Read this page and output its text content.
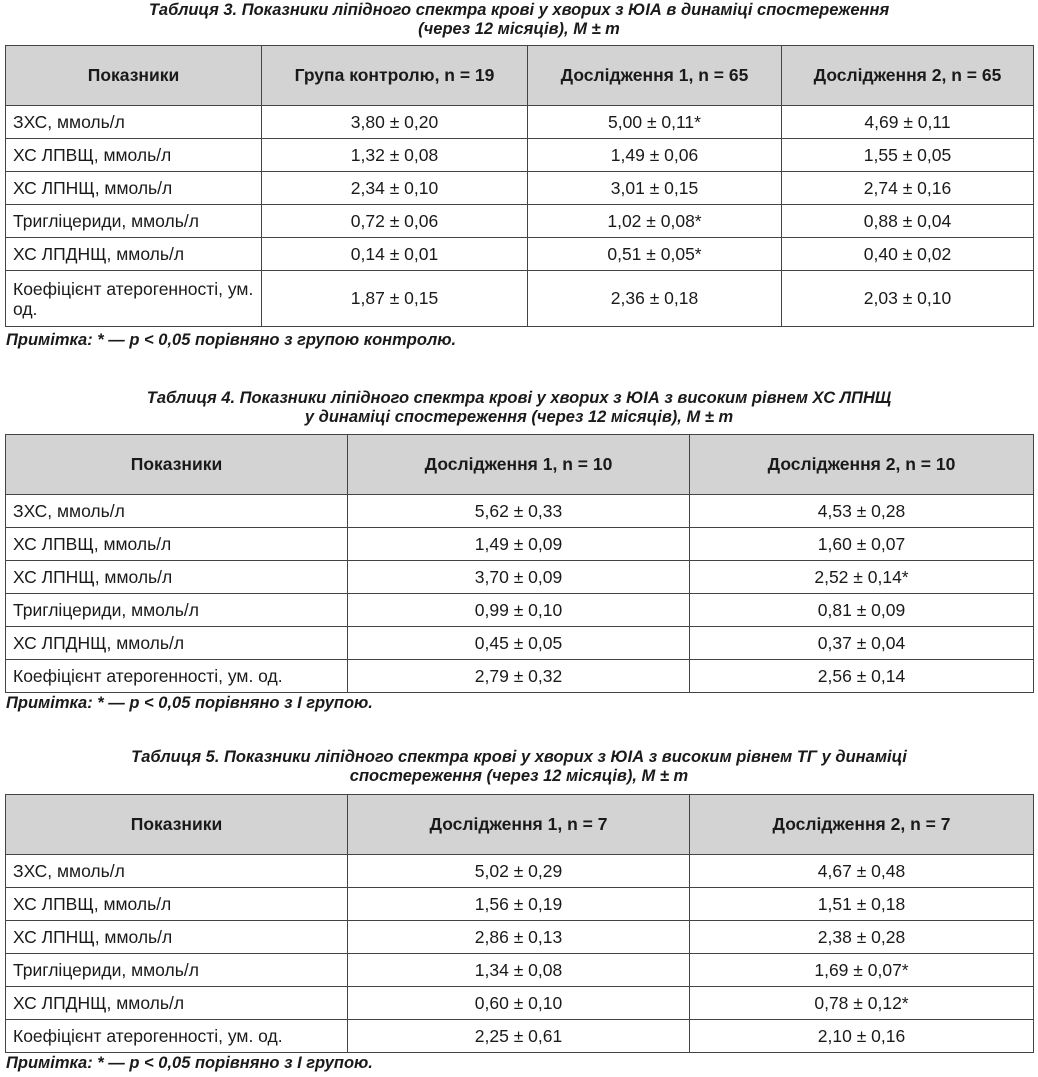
Таблиця 3. Показники ліпідного спектра крові у хворих з ЮІА в динаміці спостереження
(через 12 місяців), M ± m
Показники	Група контролю, n = 19	Дослідження 1, n = 65	Дослідження 2, n = 65
ЗХС, ммоль/л	3,80 ± 0,20	5,00 ± 0,11*	4,69 ± 0,11
ХС ЛПВЩ, ммоль/л	1,32 ± 0,08	1,49 ± 0,06	1,55 ± 0,05
ХС ЛПНЩ, ммоль/л	2,34 ± 0,10	3,01 ± 0,15	2,74 ± 0,16
Тригліцериди, ммоль/л	0,72 ± 0,06	1,02 ± 0,08*	0,88 ± 0,04
ХС ЛПДНЩ, ммоль/л	0,14 ± 0,01	0,51 ± 0,05*	0,40 ± 0,02
Коефіцієнт атерогенності, ум. од.	1,87 ± 0,15	2,36 ± 0,18	2,03 ± 0,10
Примітка: * — p < 0,05 порівняно з групою контролю.
Таблиця 4. Показники ліпідного спектра крові у хворих з ЮІА з високим рівнем ХС ЛПНЩ
у динаміці спостереження (через 12 місяців), M ± m
Показники	Дослідження 1, n = 10	Дослідження 2, n = 10
ЗХС, ммоль/л	5,62 ± 0,33	4,53 ± 0,28
ХС ЛПВЩ, ммоль/л	1,49 ± 0,09	1,60 ± 0,07
ХС ЛПНЩ, ммоль/л	3,70 ± 0,09	2,52 ± 0,14*
Тригліцериди, ммоль/л	0,99 ± 0,10	0,81 ± 0,09
ХС ЛПДНЩ, ммоль/л	0,45 ± 0,05	0,37 ± 0,04
Коефіцієнт атерогенності, ум. од.	2,79 ± 0,32	2,56 ± 0,14
Примітка: * — p < 0,05 порівняно з І групою.
Таблиця 5. Показники ліпідного спектра крові у хворих з ЮІА з високим рівнем ТГ у динаміці
спостереження (через 12 місяців), M ± m
Показники	Дослідження 1, n = 7	Дослідження 2, n = 7
ЗХС, ммоль/л	5,02 ± 0,29	4,67 ± 0,48
ХС ЛПВЩ, ммоль/л	1,56 ± 0,19	1,51 ± 0,18
ХС ЛПНЩ, ммоль/л	2,86 ± 0,13	2,38 ± 0,28
Тригліцериди, ммоль/л	1,34 ± 0,08	1,69 ± 0,07*
ХС ЛПДНЩ, ммоль/л	0,60 ± 0,10	0,78 ± 0,12*
Коефіцієнт атерогенності, ум. од.	2,25 ± 0,61	2,10 ± 0,16
Примітка: * — p < 0,05 порівняно з І групою.
